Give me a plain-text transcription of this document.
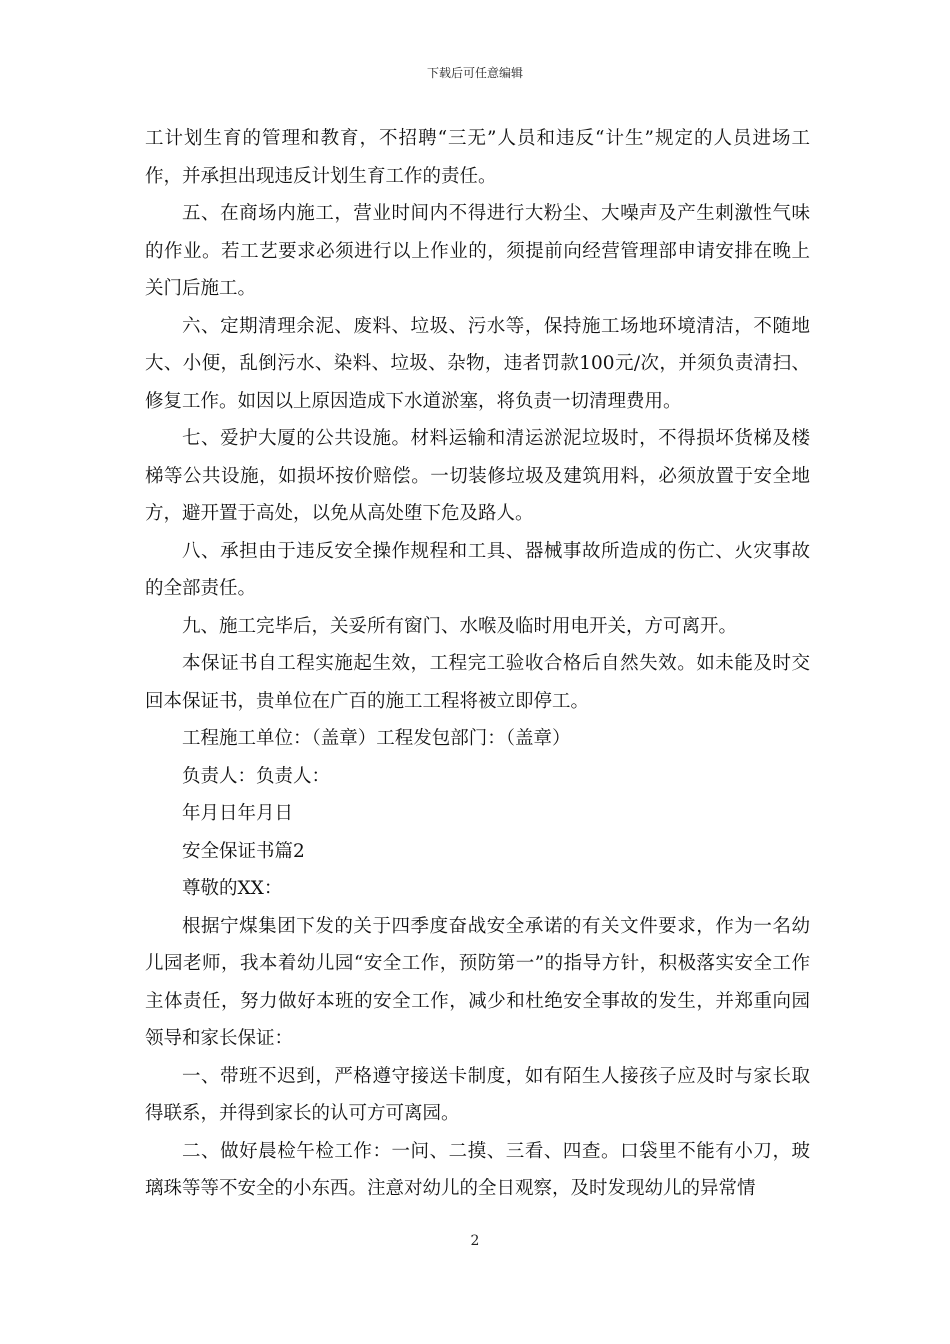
下载后可任意编辑

工计划生育的管理和教育，不招聘“三无”人员和违反“计生”规定的人员进场工作，并承担出现违反计划生育工作的责任。

五、在商场内施工，营业时间内不得进行大粉尘、大噪声及产生刺激性气味的作业。若工艺要求必须进行以上作业的，须提前向经营管理部申请安排在晚上关门后施工。

六、定期清理余泥、废料、垃圾、污水等，保持施工场地环境清洁，不随地大、小便，乱倒污水、染料、垃圾、杂物，违者罚款100元/次，并须负责清扫、修复工作。如因以上原因造成下水道淤塞，将负责一切清理费用。

七、爱护大厦的公共设施。材料运输和清运淤泥垃圾时，不得损坏货梯及楼梯等公共设施，如损坏按价赔偿。一切装修垃圾及建筑用料，必须放置于安全地方，避开置于高处，以免从高处堕下危及路人。

八、承担由于违反安全操作规程和工具、器械事故所造成的伤亡、火灾事故的全部责任。

九、施工完毕后，关妥所有窗门、水喉及临时用电开关，方可离开。

本保证书自工程实施起生效，工程完工验收合格后自然失效。如未能及时交回本保证书，贵单位在广百的施工工程将被立即停工。

工程施工单位：（盖章）工程发包部门：（盖章）

负责人：负责人：

年月日年月日

安全保证书篇2

尊敬的XX：

根据宁煤集团下发的关于四季度奋战安全承诺的有关文件要求，作为一名幼儿园老师，我本着幼儿园“安全工作，预防第一”的指导方针，积极落实安全工作主体责任，努力做好本班的安全工作，减少和杜绝安全事故的发生，并郑重向园领导和家长保证：

一、带班不迟到，严格遵守接送卡制度，如有陌生人接孩子应及时与家长取得联系，并得到家长的认可方可离园。

二、做好晨检午检工作：一问、二摸、三看、四查。口袋里不能有小刀，玻璃珠等等不安全的小东西。注意对幼儿的全日观察，及时发现幼儿的异常情

2
